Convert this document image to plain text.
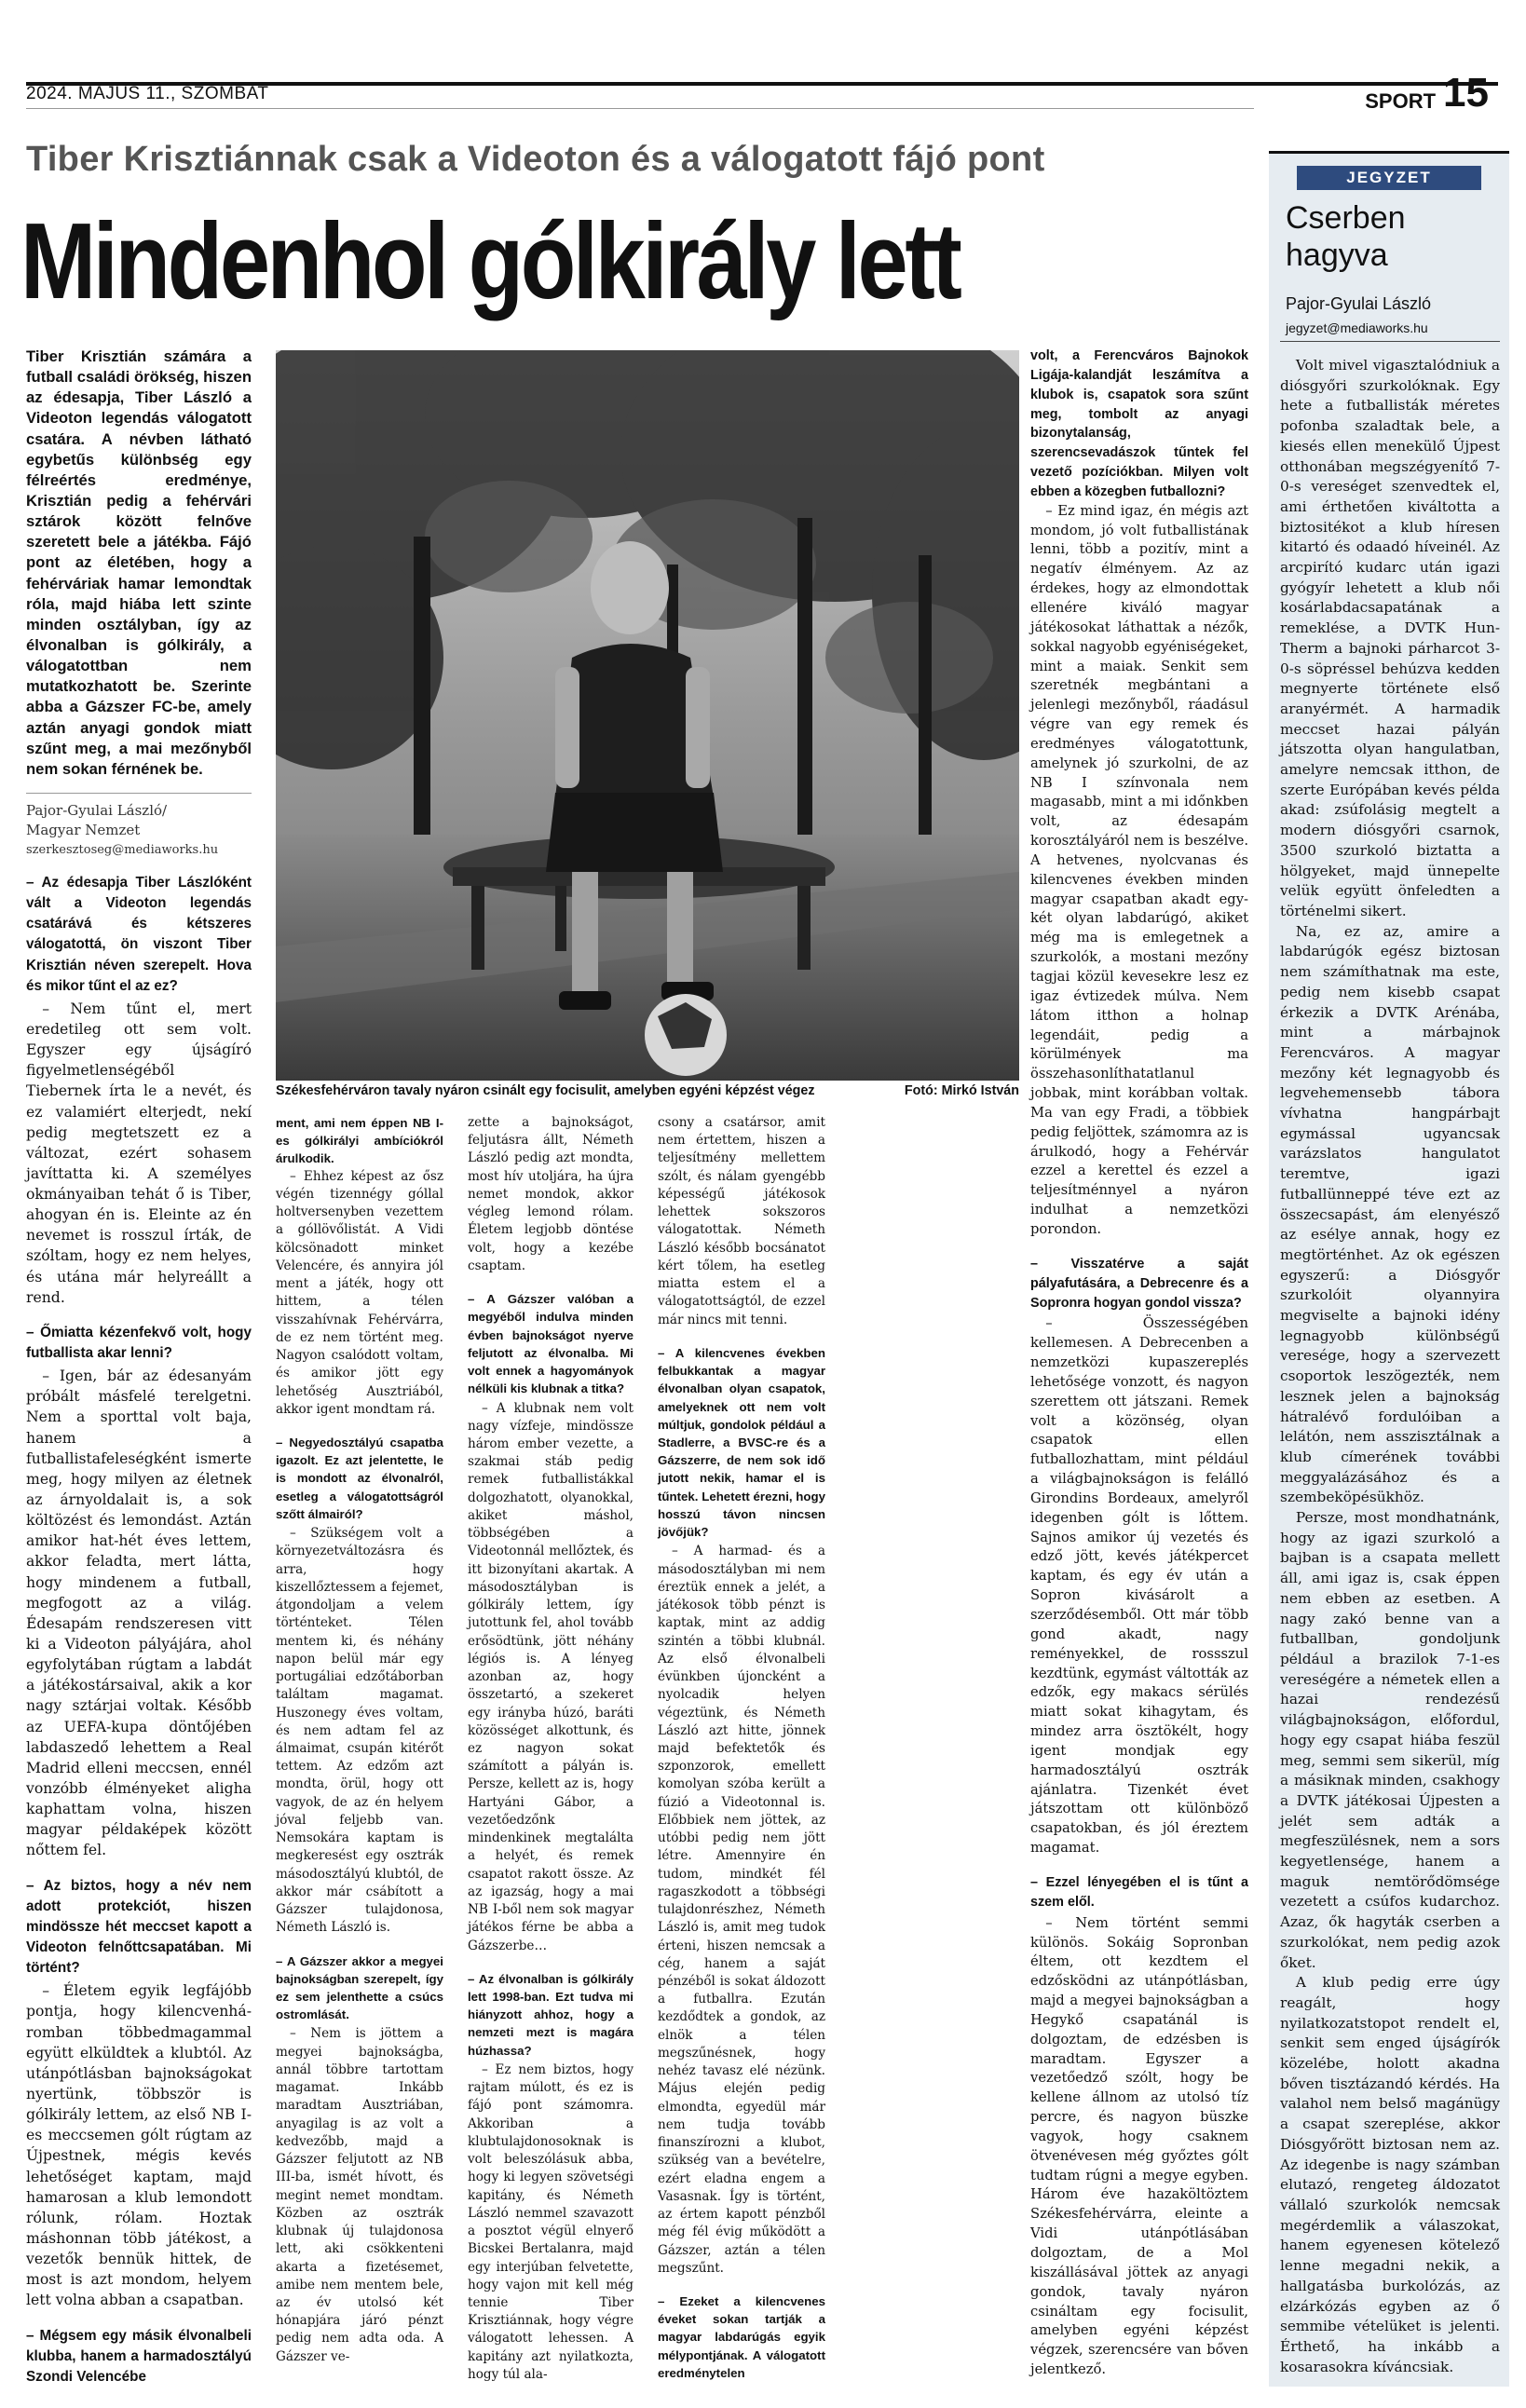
2024. MÁJUS 11., SZOMBAT	SPORT 15
Tiber Krisztiánnak csak a Videoton és a válogatott fájó pont
Mindenhol gólkirály lett
Tiber Krisztián számára a futball családi örökség, hiszen az édesapja, Tiber László a Videoton legendás válogatott csatára. A névben látható egybetűs különbség egy félreértés eredménye, Krisztián pedig a fehérvári sztárok között felnőve szeretett bele a játékba. Fájó pont az életében, hogy a fehérváriak hamar lemondtak róla, majd hiába lett szinte minden osztályban, így az élvonalban is gólkirály, a válogatottban nem mutatkozhatott be. Szerinte abba a Gázszer FC-be, amely aztán anyagi gondok miatt szűnt meg, a mai mezőnyből nem sokan férnének be.
Pajor-Gyulai László/
Magyar Nemzet
szerkesztoseg@mediaworks.hu
– Az édesapja Tiber Lászlóként vált a Videoton legendás csatárává és kétszeres válogatottá, ön viszont Tiber Krisztián néven szerepelt. Hova és mikor tűnt el az ez?

– Nem tűnt el, mert eredetileg ott sem volt. Egyszer egy újságíró figyelmetlenségéből Tiebernek írta le a nevét, és ez valamiért elterjedt, nekí pedig megtetszett ez a változat, ezért sohasem javíttatta ki. A személyes okmányaiban tehát ő is Tiber, ahogyan én is. Eleinte az én nevemet is rosszul írták, de szóltam, hogy ez nem helyes, és utána már helyreállt a rend.

– Őmiatta kézenfekvő volt, hogy futballista akar lenni?

– Igen, bár az édesanyám próbált másfelé terelgetni. Nem a sporttal volt baja, hanem a futballistafeleségként ismerte meg, hogy milyen az életnek az árnyoldalait is, a sok költözést és lemondást. Aztán amikor hat-hét éves lettem, akkor feladta, mert látta, hogy mindenem a futball, megfogott az a világ. Édesapám rendszeresen vitt ki a Videoton pályájára, ahol egyfolytában rúgtam a labdát a játékostársaival, akik a kor nagy sztárjai voltak. Később az UEFA-kupa döntőjében labdaszedő lehettem a Real Madrid elleni meccsen, ennél vonzóbb élményeket aligha kaphattam volna, hiszen magyar példaképek között nőttem fel.

– Az biztos, hogy a név nem adott protekciót, hiszen mindössze hét meccset kapott a Videoton felnőttcsapatában. Mi történt?

– Életem egyik legfájóbb pontja, hogy kilencvenhá- romban többedmagammal együtt elküldtek a klubtól. Az utánpótlásban bajnokságokat nyertünk, többször is gólkirály lettem, az első NB I-es meccsemen gólt rúgtam az Újpestnek, mégis kevés lehetőséget kaptam, majd hamarosan a klub lemondott rólunk, rólam. Hoztak máshonnan több játékost, a vezetők bennük hittek, de most is azt mondom, helyem lett volna abban a csapatban.

– Mégsem egy másik élvonalbeli klubba, hanem a harmadosztályú Szondi Velencébe
Székesfehérváron tavaly nyáron csinált egy focisulit, amelyben egyéni képzést végez	Fotó: Mirkó István

ment, ami nem éppen NB I-es gólkirályi ambíciókról árulkodik.

– Ehhez képest az ősz végén tizennégy góllal holtversenyben vezettem a góllövőlistát. A Vidi kölcsönadott minket Velencére, és annyira jól ment a játék, hogy ott hittem, a télen visszahívnak Fehérvárra, de ez nem történt meg. Nagyon csalódott voltam, és amikor jött egy lehetőség Ausztriából, akkor igent mondtam rá.

– Negyedosztályú csapatba igazolt. Ez azt jelentette, le is mondott az élvonalról, esetleg a válogatottságról szőtt álmairól?

– Szükségem volt a környezetváltozásra és arra, hogy kiszellőztessem a fejemet, átgondoljam a velem történteket. Télen mentem ki, és néhány napon belül már egy portugáliai edzőtáborban találtam magamat. Huszonegy éves voltam, és nem adtam fel az álmaimat, csupán kitérőt tettem. Az edzőm azt mondta, örül, hogy ott vagyok, de az én helyem jóval feljebb van. Nemsokára kaptam is megkeresést egy osztrák másodosztályú klubtól, de akkor már csábított a Gázszer tulajdonosa, Németh László is.

– A Gázszer akkor a megyei bajnokságban szerepelt, így ez sem jelenthette a csúcs ostromlását.

– Nem is jöttem a megyei bajnokságba, annál többre tartottam magamat. Inkább maradtam Ausztriában, anyagilag is az volt a kedvezőbb, majd a Gázszer feljutott az NB III-ba, ismét hívott, és megint nemet mondtam. Közben az osztrák klubnak új tulajdonosa lett, aki csökkenteni akarta a fizetésemet, amibe nem mentem bele, az év utolsó két hónapjára járó pénzt pedig nem adta oda. A Gázszer ve-

zette a bajnokságot, feljutásra állt, Németh László pedig azt mondta, most hív utoljára, ha újra nemet mondok, akkor végleg lemond rólam. Életem legjobb döntése volt, hogy a kezébe csaptam.

– A Gázszer valóban a megyéből indulva minden évben bajnokságot nyerve feljutott az élvonalba. Mi volt ennek a hagyományok nélküli kis klubnak a titka?

– A klubnak nem volt nagy vízfeje, mindössze három ember vezette, a szakmai stáb pedig remek futballistákkal dolgozhatott, olyanokkal, akiket máshol, többségében a Videotonnál mellőztek, és itt bizonyítani akartak. A másodosztályban is gólkirály lettem, így jutottunk fel, ahol tovább erősödtünk, jött néhány légiós is. A lényeg azonban az, hogy összetartó, a szekeret egy irányba húzó, baráti közösséget alkottunk, és ez nagyon sokat számított a pályán is. Persze, kellett az is, hogy Hartyáni Gábor, a vezetőedzőnk mindenkinek megtalálta a helyét, és remek csapatot rakott össze. Az az igazság, hogy a mai NB I-ből nem sok magyar játékos férne be abba a Gázszerbe…

– Az élvonalban is gólkirály lett 1998-ban. Ezt tudva mi hiányzott ahhoz, hogy a nemzeti mezt is magára húzhassa?

– Ez nem biztos, hogy rajtam múlott, és ez is fájó pont számomra. Akkoriban a klubtulajdonosoknak is volt beleszólásuk abba, hogy ki legyen szövetségi kapitány, és Németh László nemmel szavazott a posztot végül elnyerő Bicskei Bertalanra, majd egy interjúban felvetette, hogy vajon mit kell még tennie Tiber Krisztiánnak, hogy végre válogatott lehessen. A kapitány azt nyilatkozta, hogy túl ala-

csony a csatársor, amit nem értettem, hiszen a teljesítmény mellettem szólt, és nálam gyengébb képességű játékosok lehettek sokszoros válogatottak. Németh László később bocsánatot kért tőlem, ha esetleg miatta estem el a válogatottságtól, de ezzel már nincs mit tenni.

– A kilencvenes években felbukkantak a magyar élvonalban olyan csapatok, amelyeknek ott nem volt múltjuk, gondolok például a Stadlerre, a BVSC-re és a Gázszerre, de nem sok idő jutott nekik, hamar el is tűntek. Lehetett érezni, hogy hosszú távon nincsen jövőjük?

– A harmad- és a másodosztályban mi nem éreztük ennek a jelét, a játékosok több pénzt is kaptak, mint az addig szintén a többi klubnál. Az első élvonalbeli évünkben újoncként a nyolcadik helyen végeztünk, és Németh László azt hitte, jönnek majd befektetők és szponzorok, emellett komolyan szóba került a fúzió a Videotonnal is. Előbbiek nem jöttek, az utóbbi pedig nem jött létre. Amennyire én tudom, mindkét fél ragaszkodott a többségi tulajdonrészhez, Németh László is, amit meg tudok érteni, hiszen nemcsak a cég, hanem a saját pénzéből is sokat áldozott a futballra. Ezután kezdődtek a gondok, az elnök a télen megszűnésnek, hogy nehéz tavasz elé nézünk. Május elején pedig elmondta, egyedül már nem tudja tovább finanszírozni a klubot, szükség van a bevételre, ezért eladna engem a Vasasnak. Így is történt, az értem kapott pénzből még fél évig működött a Gázszer, aztán a télen megszűnt.

– Ezeket a kilencvenes éveket sokan tartják a magyar labdarúgás egyik mélypontjának. A válogatott eredménytelen

volt, a Ferencváros Bajnokok Ligája-kalandját leszámítva a klubok is, csapatok sora szűnt meg, tombolt az anyagi bizonytalanság, szerencsevadászok tűntek fel vezető pozíciókban. Milyen volt ebben a közegben futballozni?

– Ez mind igaz, én mégis azt mondom, jó volt futballistának lenni, több a pozitív, mint a negatív élményem. Az az érdekes, hogy az elmondottak ellenére kiváló magyar játékosokat láthattak a nézők, sokkal nagyobb egyéniségeket, mint a maiak. Senkit sem szeretnék megbántani a jelenlegi mezőnyből, ráadásul végre van egy remek és eredményes válogatottunk, amelynek jó szurkolni, de az NB I színvonala nem magasabb, mint a mi időnkben volt, az édesapám korosztályáról nem is beszélve. A hetvenes, nyolcvanas és kilencvenes években minden magyar csapatban akadt egy-két olyan labdarúgó, akiket még ma is emlegetnek a szurkolók, a mostani mezőny tagjai közül kevesekre lesz ez igaz évtizedek múlva. Nem látom itthon a holnap legendáit, pedig a körülmények ma összehasonlíthatatlanul jobbak, mint korábban voltak. Ma van egy Fradi, a többiek pedig feljöttek, számomra az is árulkodó, hogy a Fehérvár ezzel a kerettel és ezzel a teljesítménnyel a nyáron indulhat a nemzetközi porondon.

– Visszatérve a saját pályafutására, a Debrecenre és a Sopronra hogyan gondol vissza?

– Összességében kellemesen. A Debrecenben a nemzetközi kupaszereplés lehetősége vonzott, és nagyon szerettem ott játszani. Remek volt a közönség, olyan csapatok ellen futballozhattam, mint például a világbajnokságon is felálló Girondins Bordeaux, amelyről idegenben gólt is lőttem. Sajnos amikor új vezetés és edző jött, kevés játékpercet kaptam, és egy év után a Sopron kivásárolt a szerződésemből. Ott már több gond akadt, nagy reményekkel, de rossszul kezdtünk, egymást váltották az edzők, egy makacs sérülés miatt sokat kihagytam, és mindez arra ösztökélt, hogy igent mondjak egy harmadosztályú osztrák ajánlatra. Tizenkét évet játszottam ott különböző csapatokban, és jól éreztem magamat.

– Ezzel lényegében el is tűnt a szem elől.

– Nem történt semmi különös. Sokáig Sopronban éltem, ott kezdtem el edzősködni az utánpótlásban, majd a megyei bajnokságban a Hegykő csapatánál is dolgoztam, de edzésben is maradtam. Egyszer a vezetőedző szólt, hogy be kellene állnom az utolsó tíz percre, és nagyon büszke vagyok, hogy csaknem ötvenévesen még győztes gólt tudtam rúgni a megye egyben. Három éve hazaköltöztem Székesfehérvárra, eleinte a Vidi utánpótlásában dolgoztam, de a Mol kiszállásával jöttek az anyagi gondok, tavaly nyáron csináltam egy focisulit, amelyben egyéni képzést végzek, szerencsére van bőven jelentkező.

JEGYZET
Cserben
hagyva
Pajor-Gyulai László
jegyzet@mediaworks.hu

Volt mivel vigasztalódniuk a diósgyőri szurkolóknak. Egy hete a futballisták méretes pofonba szaladtak bele, a kiesés ellen menekülő Újpest otthonában megszégyenítő 7-0-s vereséget szenvedtek el, ami érthetően kiváltotta a biztositékot a klub híresen kitartó és odaadó híveinél. Az arcpirító kudarc után igazi gyógyír lehetett a klub női kosárlabdacsapatának a remeklése, a DVTK Hun-Therm a bajnoki párharcot 3-0-s söpréssel behúzva kedden megnyerte története első aranyérmét. A harmadik meccset hazai pályán játszotta olyan hangulatban, amelyre nemcsak itthon, de szerte Európában kevés példa akad: zsúfolásig megtelt a modern diósgyőri csarnok, 3500 szurkoló biztatta a hölgyeket, majd ünnepelte velük együtt önfeledten a történelmi sikert.

Na, ez az, amire a labdarúgók egész biztosan nem számíthatnak ma este, pedig nem kisebb csapat érkezik a DVTK Arénába, mint a márbajnok Ferencváros. A magyar mezőny két legnagyobb és legvehemensebb tábora vívhatna hangpárbajt egymással ugyancsak varázslatos hangulatot teremtve, igazi futballünneppé téve ezt az összecsapást, ám elenyésző az esélye annak, hogy ez megtörténhet. Az ok egészen egyszerű: a Diósgyőr szurkolóit olyannyira megviselte a bajnoki idény legnagyobb különbségű veresége, hogy a szervezett csoportok leszögezték, nem lesznek jelen a bajnokság hátralévő fordulóiban a lelátón, nem asszisztálnak a klub címerének további meggyalázásához és a szembeköpésükhöz.

Persze, most mondhatnánk, hogy az igazi szurkoló a bajban is a csapata mellett áll, ami igaz is, csak éppen nem ebben az esetben. A nagy zakó benne van a futballban, gondoljunk például a brazilok 7-1-es vereségére a németek ellen a hazai rendezésű világbajnokságon, előfordul, hogy egy csapat hiába feszül meg, semmi sem sikerül, míg a másiknak minden, csakhogy a DVTK játékosai Újpesten a jelét sem adták a megfeszülésnek, nem a sors kegyetlensége, hanem a maguk nemtörődömsége vezetett a csúfos kudarchoz. Azaz, ők hagyták cserben a szurkolókat, nem pedig azok őket.

A klub pedig erre úgy reagált, hogy nyilatkozatstopot rendelt el, senkit sem enged újságírók közelébe, holott akadna bőven tisztázandó kérdés. Ha valahol nem belső magánügy a csapat szereplése, akkor Diósgyőrött biztosan nem az. Az idegenbe is nagy számban elutazó, rengeteg áldozatot vállaló szurkolók nemcsak megérdemlik a válaszokat, hanem egyenesen kötelező lenne megadni nekik, a hallgatásba burkolózás, az elzárkózás egyben az ő semmibe vételüket is jelenti. Érthető, ha inkább a kosarasokra kíváncsiak.
